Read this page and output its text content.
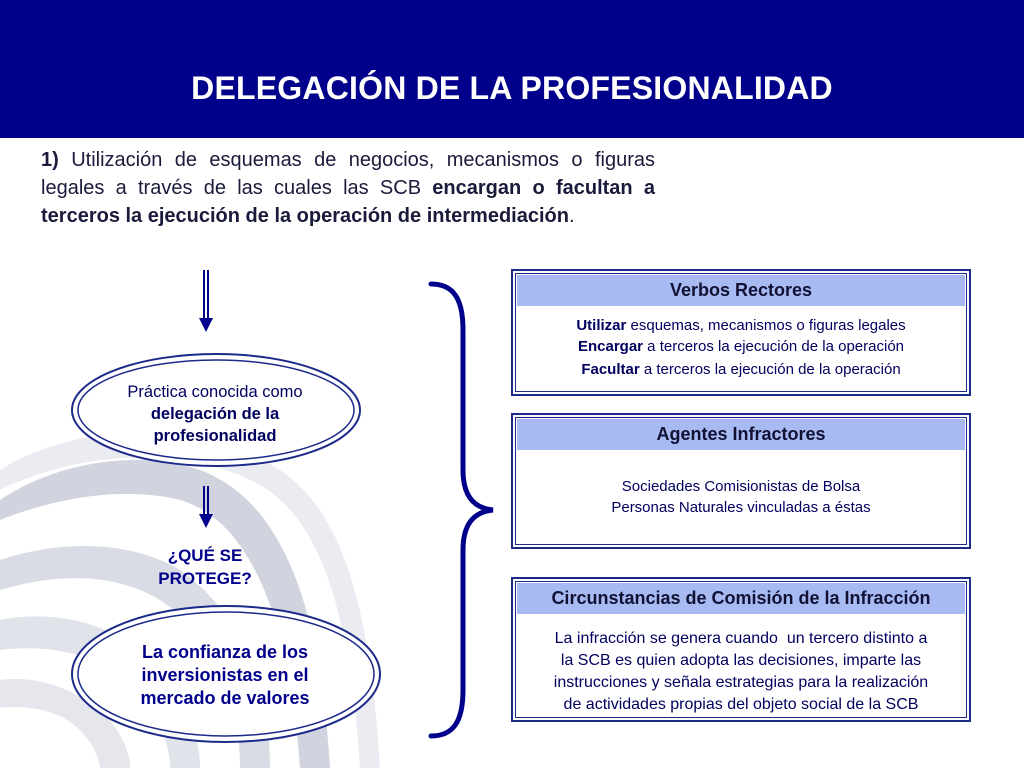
DELEGACIÓN DE LA PROFESIONALIDAD

1) Utilización de esquemas de negocios, mecanismos o figuras legales a través de las cuales las SCB encargan o facultan a terceros la ejecución de la operación de intermediación.

Práctica conocida como
delegación de la
profesionalidad
¿QUÉ SE
PROTEGE?
La confianza de los
inversionistas en el
mercado de valores
Verbos Rectores
Utilizar esquemas, mecanismos o figuras legales
Encargar a terceros la ejecución de la operación
Facultar a terceros la ejecución de la operación
Agentes Infractores
Sociedades Comisionistas de Bolsa
Personas Naturales vinculadas a éstas
Circunstancias de Comisión de la Infracción
La infracción se genera cuando  un tercero distinto a
la SCB es quien adopta las decisiones, imparte las
instrucciones y señala estrategias para la realización
de actividades propias del objeto social de la SCB
